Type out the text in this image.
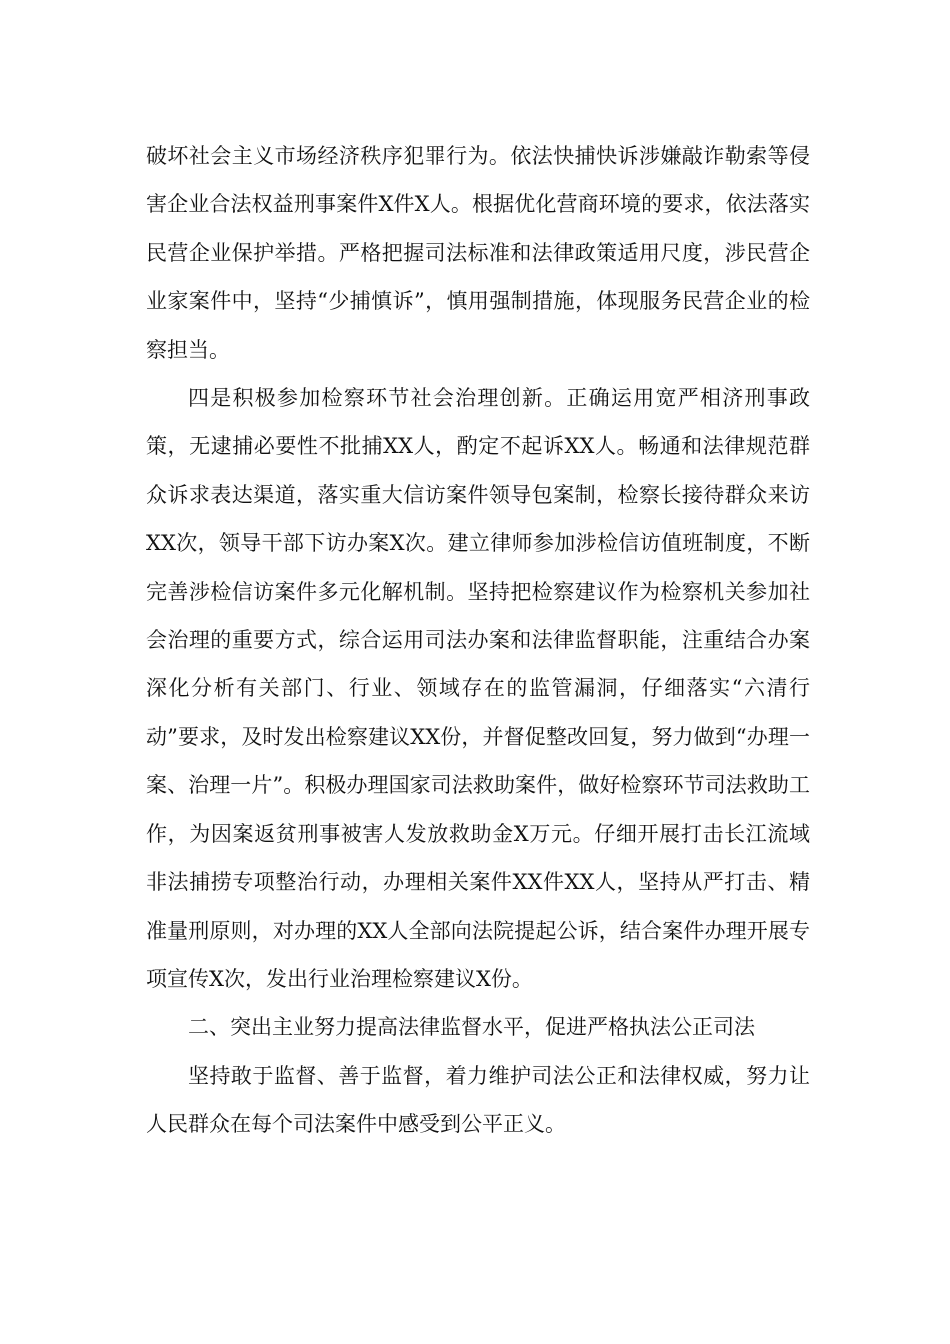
破坏社会主义市场经济秩序犯罪行为。依法快捕快诉涉嫌敲诈勒索等侵害企业合法权益刑事案件X件X人。根据优化营商环境的要求，依法落实民营企业保护举措。严格把握司法标准和法律政策适用尺度，涉民营企业家案件中，坚持“少捕慎诉”，慎用强制措施，体现服务民营企业的检察担当。

四是积极参加检察环节社会治理创新。正确运用宽严相济刑事政策，无逮捕必要性不批捕XX人，酌定不起诉XX人。畅通和法律规范群众诉求表达渠道，落实重大信访案件领导包案制，检察长接待群众来访XX次，领导干部下访办案X次。建立律师参加涉检信访值班制度，不断完善涉检信访案件多元化解机制。坚持把检察建议作为检察机关参加社会治理的重要方式，综合运用司法办案和法律监督职能，注重结合办案深化分析有关部门、行业、领域存在的监管漏洞，仔细落实“六清行动”要求，及时发出检察建议XX份，并督促整改回复，努力做到“办理一案、治理一片”。积极办理国家司法救助案件，做好检察环节司法救助工作，为因案返贫刑事被害人发放救助金X万元。仔细开展打击长江流域非法捕捞专项整治行动，办理相关案件XX件XX人，坚持从严打击、精准量刑原则，对办理的XX人全部向法院提起公诉，结合案件办理开展专项宣传X次，发出行业治理检察建议X份。

二、突出主业努力提高法律监督水平，促进严格执法公正司法

坚持敢于监督、善于监督，着力维护司法公正和法律权威，努力让人民群众在每个司法案件中感受到公平正义。
